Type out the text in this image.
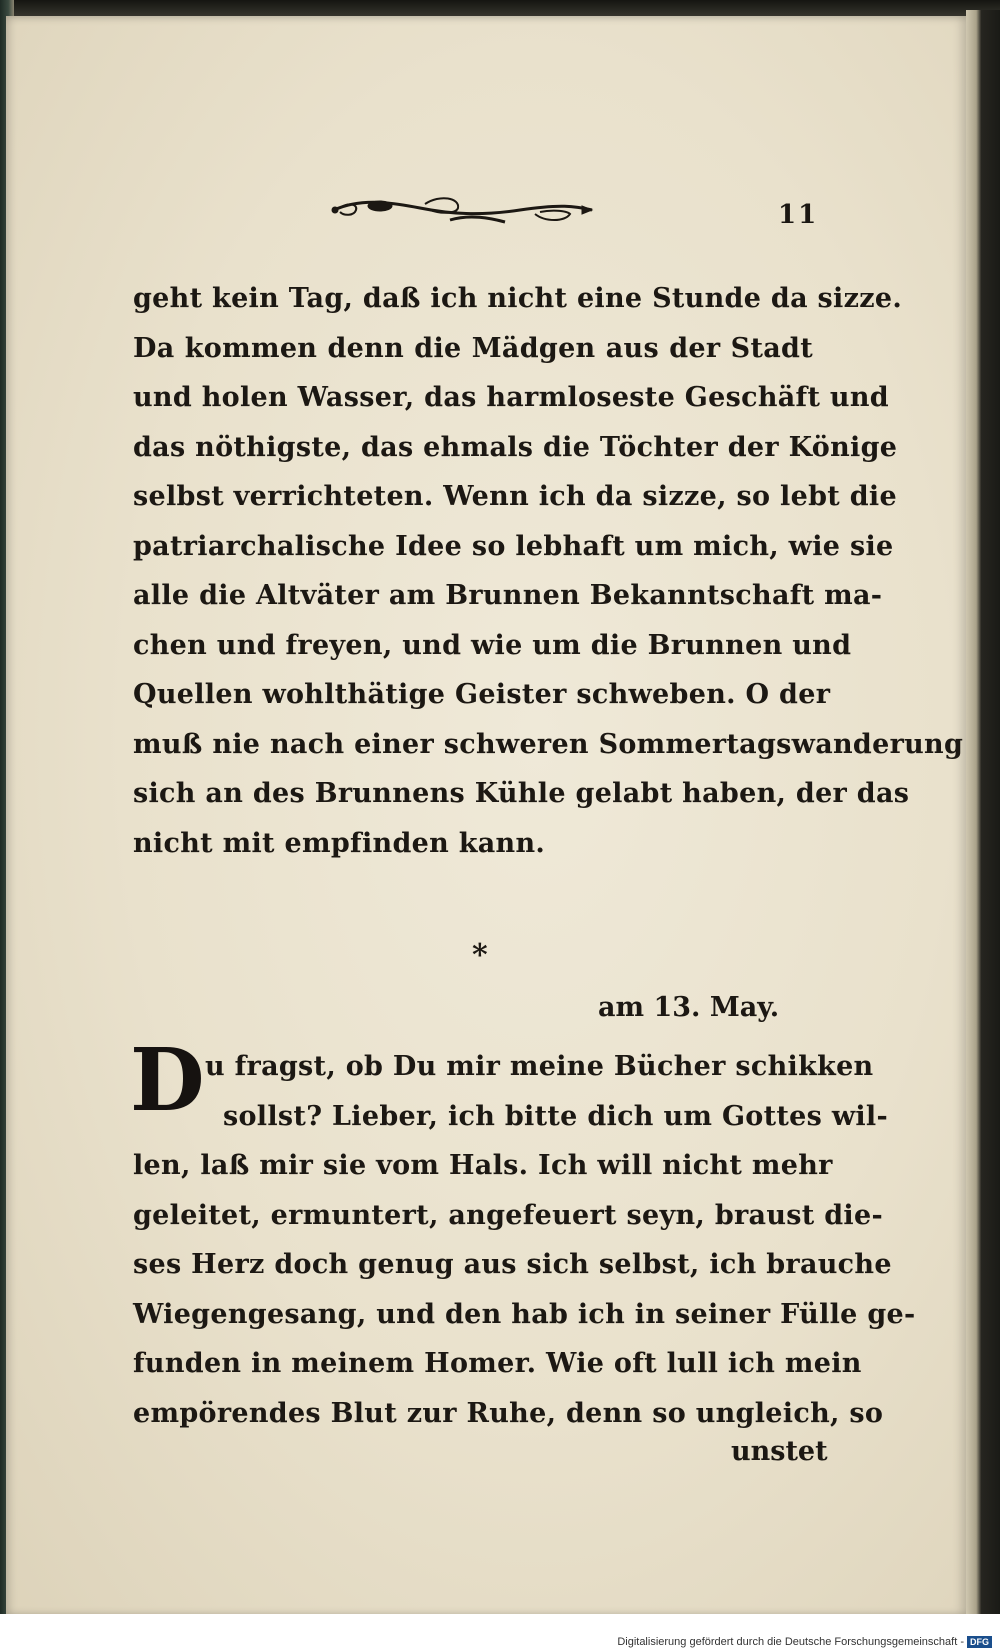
11
geht kein Tag, daß ich nicht eine Stunde da sizze.
Da kommen denn die Mädgen aus der Stadt
und holen Wasser, das harmloseste Geschäft und
das nöthigste, das ehmals die Töchter der Könige
selbst verrichteten. Wenn ich da sizze, so lebt die
patriarchalische Idee so lebhaft um mich, wie sie
alle die Altväter am Brunnen Bekanntschaft ma-
chen und freyen, und wie um die Brunnen und
Quellen wohlthätige Geister schweben. O der
muß nie nach einer schweren Sommertagswanderung
sich an des Brunnens Kühle gelabt haben, der das
nicht mit empfinden kann.
*
am 13. May.
D u fragst, ob Du mir meine Bücher schikken
sollst? Lieber, ich bitte dich um Gottes wil-
len, laß mir sie vom Hals. Ich will nicht mehr
geleitet, ermuntert, angefeuert seyn, braust die-
ses Herz doch genug aus sich selbst, ich brauche
Wiegengesang, und den hab ich in seiner Fülle ge-
funden in meinem Homer. Wie oft lull ich mein
empörendes Blut zur Ruhe, denn so ungleich, so
unstet
Digitalisierung gefördert durch die Deutsche Forschungsgemeinschaft - DFG
